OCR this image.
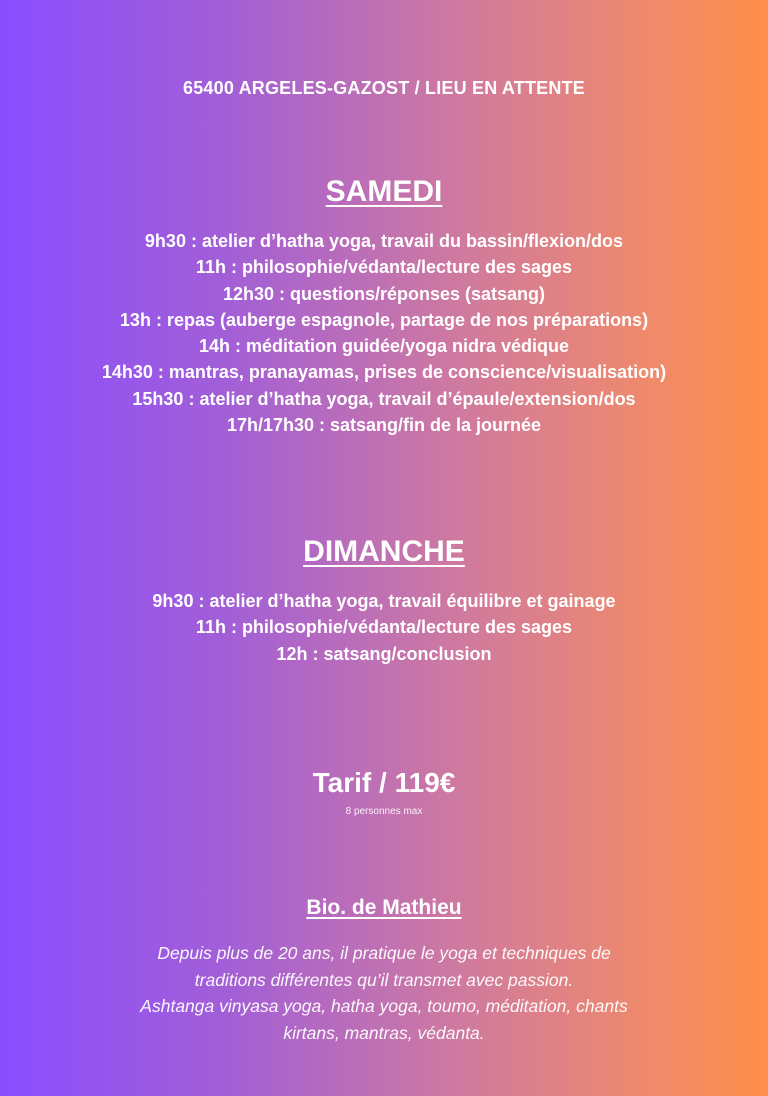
65400 ARGELES-GAZOST / LIEU EN ATTENTE
SAMEDI
9h30 : atelier d’hatha yoga, travail du bassin/flexion/dos
11h : philosophie/védanta/lecture des sages
12h30 : questions/réponses (satsang)
13h : repas (auberge espagnole, partage de nos préparations)
14h : méditation guidée/yoga nidra védique
14h30 : mantras, pranayamas, prises de conscience/visualisation)
15h30 : atelier d’hatha yoga, travail d’épaule/extension/dos
17h/17h30 : satsang/fin de la journée
DIMANCHE
9h30 : atelier d’hatha yoga, travail équilibre et gainage
11h : philosophie/védanta/lecture des sages
12h : satsang/conclusion
Tarif / 119€
8 personnes max
Bio. de Mathieu
Depuis plus de 20 ans, il pratique le yoga et techniques de
traditions différentes qu’il transmet avec passion.
Ashtanga vinyasa yoga, hatha yoga, toumo, méditation, chants
kirtans, mantras, védanta.
